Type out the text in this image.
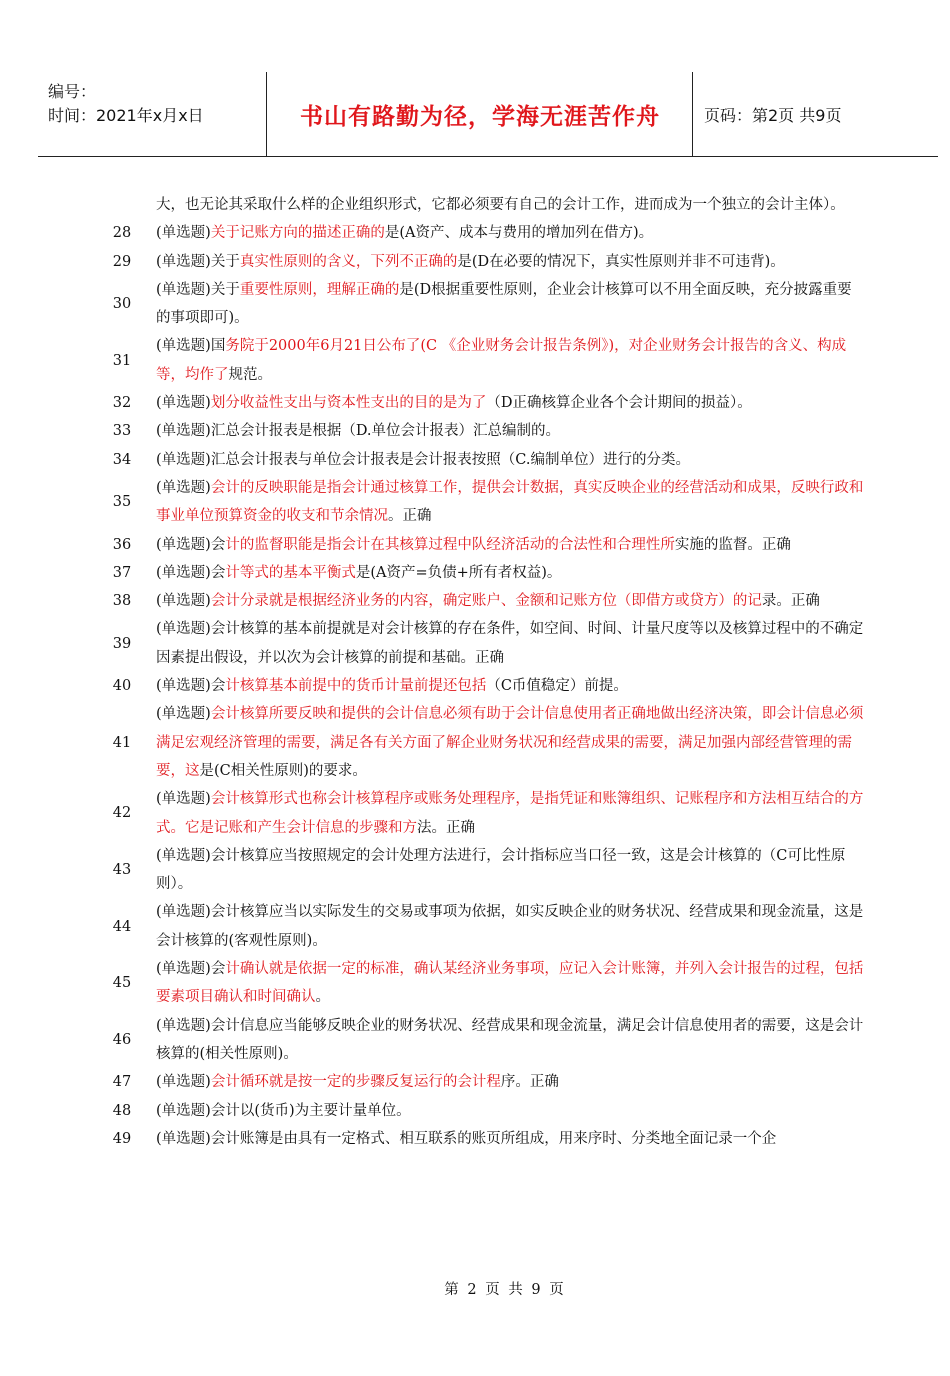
编号：
时间：2021年x月x日	书山有路勤为径，学海无涯苦作舟	页码：第2页 共9页
大，也无论其采取什么样的企业组织形式，它都必须要有自己的会计工作，进而成为一个独立的会计主体）。
28	(单选题)关于记账方向的描述正确的是(A资产、成本与费用的增加列在借方)。
29	(单选题)关于真实性原则的含义，下列不正确的是(D在必要的情况下，真实性原则并非不可违背)。
30
(单选题)关于重要性原则，理解正确的是(D根据重要性原则，企业会计核算可以不用全面反映，充分披露重要的事项即可)。
31
(单选题)国务院于2000年6月21日公布了(C 《企业财务会计报告条例》)，对企业财务会计报告的含义、构成等，均作了规范。
32	(单选题)划分收益性支出与资本性支出的目的是为了（D正确核算企业各个会计期间的损益）。
33	(单选题)汇总会计报表是根据（D.单位会计报表）汇总编制的。
34	(单选题)汇总会计报表与单位会计报表是会计报表按照（C.编制单位）进行的分类。
35
(单选题)会计的反映职能是指会计通过核算工作，提供会计数据，真实反映企业的经营活动和成果，反映行政和事业单位预算资金的收支和节余情况。正确
36	(单选题)会计的监督职能是指会计在其核算过程中队经济活动的合法性和合理性所实施的监督。正确
37	(单选题)会计等式的基本平衡式是(A资产=负债+所有者权益)。
38	(单选题)会计分录就是根据经济业务的内容，确定账户、金额和记账方位（即借方或贷方）的记录。正确
39
(单选题)会计核算的基本前提就是对会计核算的存在条件，如空间、时间、计量尺度等以及核算过程中的不确定因素提出假设，并以次为会计核算的前提和基础。正确
40	(单选题)会计核算基本前提中的货币计量前提还包括（C币值稳定）前提。
41
(单选题)会计核算所要反映和提供的会计信息必须有助于会计信息使用者正确地做出经济决策，即会计信息必须满足宏观经济管理的需要，满足各有关方面了解企业财务状况和经营成果的需要，满足加强内部经营管理的需要，这是(C相关性原则)的要求。
42
(单选题)会计核算形式也称会计核算程序或账务处理程序，是指凭证和账簿组织、记账程序和方法相互结合的方式。它是记账和产生会计信息的步骤和方法。正确
43
(单选题)会计核算应当按照规定的会计处理方法进行，会计指标应当口径一致，这是会计核算的（C可比性原则）。
44
(单选题)会计核算应当以实际发生的交易或事项为依据，如实反映企业的财务状况、经营成果和现金流量，这是会计核算的(客观性原则)。
45
(单选题)会计确认就是依据一定的标准，确认某经济业务事项，应记入会计账簿，并列入会计报告的过程，包括要素项目确认和时间确认。
46
(单选题)会计信息应当能够反映企业的财务状况、经营成果和现金流量，满足会计信息使用者的需要，这是会计核算的(相关性原则)。
47	(单选题)会计循环就是按一定的步骤反复运行的会计程序。正确
48	(单选题)会计以(货币)为主要计量单位。
49	(单选题)会计账簿是由具有一定格式、相互联系的账页所组成，用来序时、分类地全面记录一个企
第 2 页 共 9 页
